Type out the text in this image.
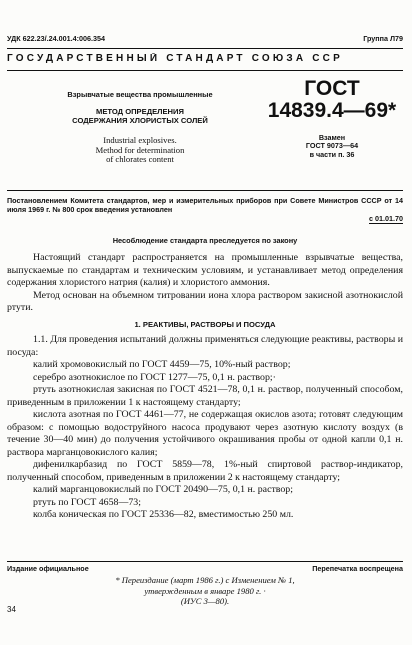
УДК 622.23/.24.001.4:006.354	Группа Л79
ГОСУДАРСТВЕННЫЙ СТАНДАРТ СОЮЗА ССР
Взрывчатые вещества промышленные
МЕТОД ОПРЕДЕЛЕНИЯ
СОДЕРЖАНИЯ ХЛОРИСТЫХ СОЛЕЙ
Industrial explosives.
Method for determination
of chlorates content
ГОСТ
14839.4—69*
Взамен
ГОСТ 9073—64
в части п. 36
Постановлением Комитета стандартов, мер и измерительных приборов при Совете Министров СССР от 14 июля 1969 г. № 800 срок введения установлен
с 01.01.70
Несоблюдение стандарта преследуется по закону

Настоящий стандарт распространяется на промышленные взрывчатые вещества, выпускаемые по стандартам и техническим условиям, и устанавливает метод определения содержания хлористого натрия (калия) и хлористого аммония.

Метод основан на объемном титровании иона хлора раствором закисной азотнокислой ртути.

1. РЕАКТИВЫ, РАСТВОРЫ И ПОСУДА

1.1. Для проведения испытаний должны применяться следующие реактивы, растворы и посуда:

калий хромовокислый по ГОСТ 4459—75, 10%-ный раствор;

серебро азотнокислое по ГОСТ 1277—75, 0,1 н. раствор;·

ртуть азотнокислая закисная по ГОСТ 4521—78, 0,1 н. раствор, полученный способом, приведенным в приложении 1 к настоящему стандарту;

кислота азотная по ГОСТ 4461—77, не содержащая окислов азота; готовят следующим образом: с помощью водоструйного насоса продувают через азотную кислоту воздух (в течение 30—40 мин) до получения устойчивого окрашивания пробы от одной капли 0,1 н. раствора марганцовокислого калия;

дифенилкарбазид по ГОСТ 5859—78, 1%-ный спиртовой раствор-индикатор, полученный способом, приведенным в приложении 2 к настоящему стандарту;

калий марганцовокислый по ГОСТ 20490—75, 0,1 н. раствор;

ртуть по ГОСТ 4658—73;

колба коническая по ГОСТ 25336—82, вместимостью 250 мл.

Издание официальное	Перепечатка воспрещена
* Переиздание (март 1986 г.) с Изменением № 1,
утвержденным в январе 1980 г. ·
(ИУС 3—80).
34
